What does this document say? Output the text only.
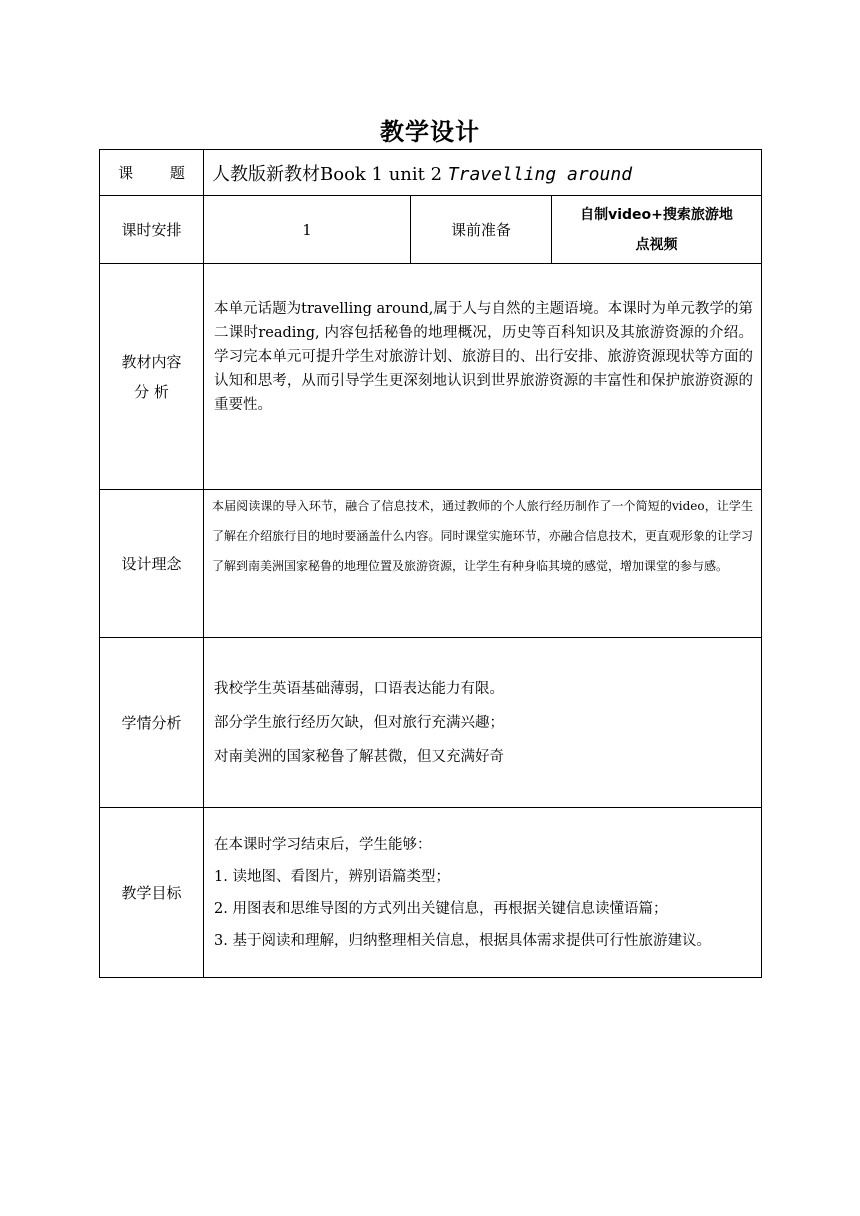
教学设计
课 题	人教版新教材Book 1 unit 2 Travelling around		
课时安排	1	课前准备	自制video+搜索旅游地
点视频

教材内容
分 析	本单元话题为travelling around,属于人与自然的主题语境。本课时为单元教学的第二课时reading, 内容包括秘鲁的地理概况，历史等百科知识及其旅游资源的介绍。学习完本单元可提升学生对旅游计划、旅游目的、出行安排、旅游资源现状等方面的认知和思考，从而引导学生更深刻地认识到世界旅游资源的丰富性和保护旅游资源的重要性。		
设计理念	本届阅读课的导入环节，融合了信息技术，通过教师的个人旅行经历制作了一个简短的video，让学生了解在介绍旅行目的地时要涵盖什么内容。同时课堂实施环节，亦融合信息技术，更直观形象的让学习了解到南美洲国家秘鲁的地理位置及旅游资源，让学生有种身临其境的感觉，增加课堂的参与感。		
学情分析	我校学生英语基础薄弱，口语表达能力有限。
部分学生旅行经历欠缺，但对旅行充满兴趣；
对南美洲的国家秘鲁了解甚微，但又充满好奇		

教学目标	在本课时学习结束后，学生能够：
1. 读地图、看图片，辨别语篇类型；
2. 用图表和思维导图的方式列出关键信息，再根据关键信息读懂语篇；
3. 基于阅读和理解，归纳整理相关信息，根据具体需求提供可行性旅游建议。		
